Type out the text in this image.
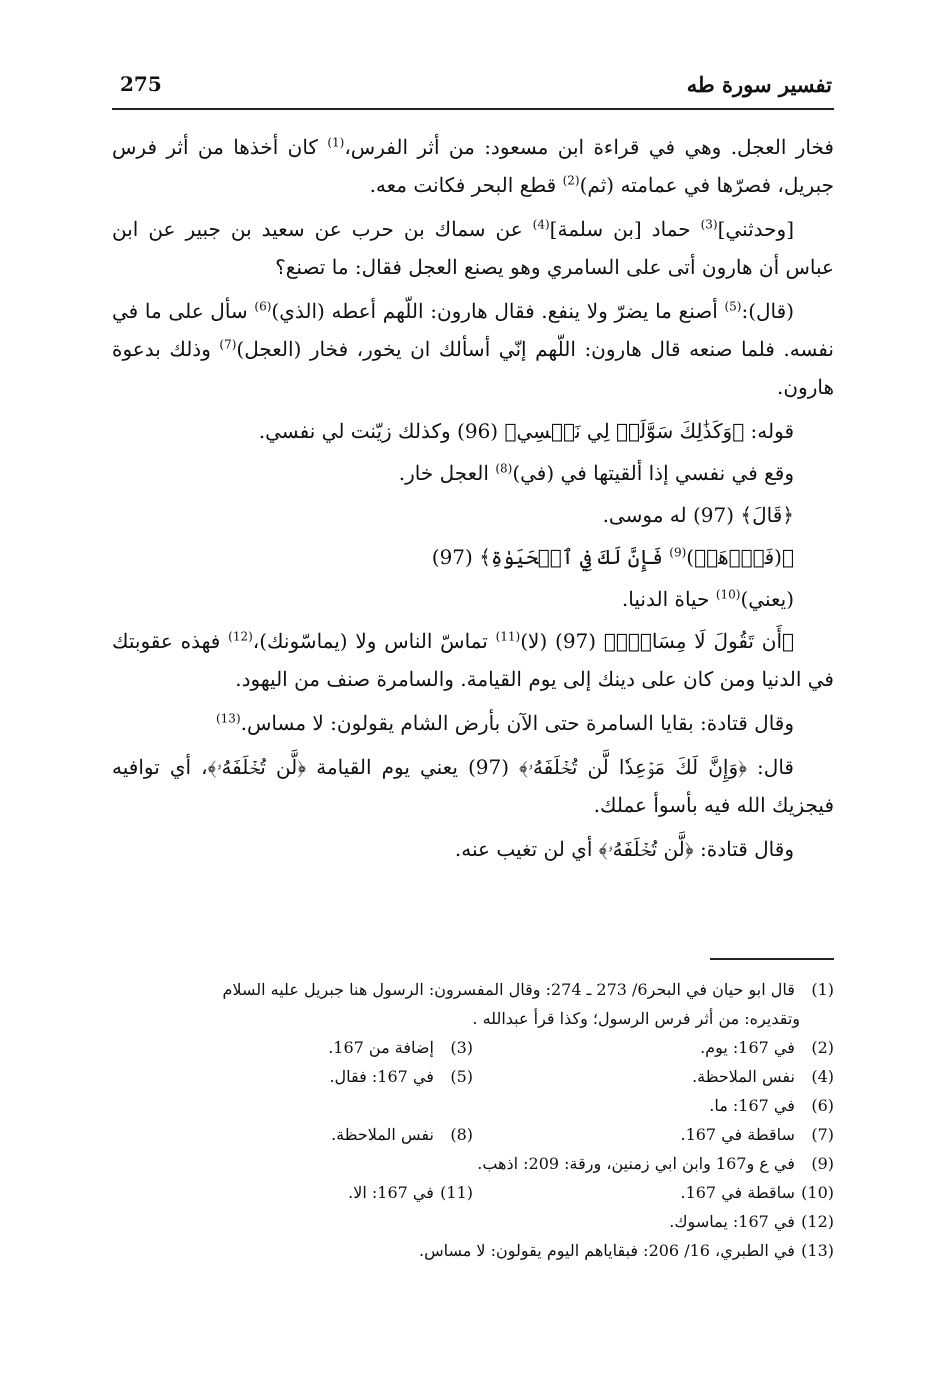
275	تفسير سورة طه

فخار العجل. وهي في قراءة ابن مسعود: من أثر الفرس،$^{(1)}$ كان أخذها من أثر فرس جبريل، فصرّها في عمامته (ثم)$^{(2)}$ قطع البحر فكانت معه.

[وحدثني]$^{(3)}$ حماد [بن سلمة]$^{(4)}$ عن سماك بن حرب عن سعيد بن جبير عن ابن عباس أن هارون أتى على السامري وهو يصنع العجل فقال: ما تصنع؟

(قال):$^{(5)}$ أصنع ما يضرّ ولا ينفع. فقال هارون: اللّهم أعطه (الذي)$^{(6)}$ سأل على ما في نفسه. فلما صنعه قال هارون: اللّهم إنّي أسألك ان يخور، فخار (العجل)$^{(7)}$ وذلك بدعوة هارون.

قوله: ﴿وَكَذَٰلِكَ سَوَّلَتۡ لِي نَفۡسِي﴾ (96) وكذلك زيّنت لي نفسي.

وقع في نفسي إذا ألقيتها في (في)$^{(8)}$ العجل خار.

﴿قَالَ﴾ (97) له موسى.

﴿(فَٱذۡهَبۡ)$^{(9)}$ فَإِنَّ لَكَ فِي ٱلۡحَيَوٰةِ﴾ (97)

(يعني)$^{(10)}$ حياة الدنيا.

﴿أَن تَقُولَ لَا مِسَاسَۖ﴾ (97) (لا)$^{(11)}$ تماسّ الناس ولا (يماسّونك)،$^{(12)}$ فهذه عقوبتك في الدنيا ومن كان على دينك إلى يوم القيامة. والسامرة صنف من اليهود.

وقال قتادة: بقايا السامرة حتى الآن بأرض الشام يقولون: لا مساس.$^{(13)}$

قال: ﴿وَإِنَّ لَكَ مَوۡعِدٗا لَّن تُخۡلَفَهُۥ﴾ (97) يعني يوم القيامة ﴿لَّن تُخۡلَفَهُۥ﴾، أي توافيه فيجزيك الله فيه بأسوأ عملك.

وقال قتادة: ﴿لَّن تُخۡلَفَهُۥ﴾ أي لن تغيب عنه.

(1) قال ابو حيان في البحر6/ 273 ـ 274: وقال المفسرون: الرسول هنا جبريل عليه السلام
وتقديره: من أثر فرس الرسول؛ وكذا قرأ عبدالله .
(2) في 167: يوم.
(3) إضافة من 167.
(4) نفس الملاحظة.
(5) في 167: فقال.
(6) في 167: ما.
(7) ساقطة في 167.
(8) نفس الملاحظة.
(9) في ع و167 وابن ابي زمنين، ورقة: 209: اذهب.
(10) ساقطة في 167.
(11) في 167: الا.
(12) في 167: يماسوك.
(13) في الطبري، 16/ 206: فبقاياهم اليوم يقولون: لا مساس.
